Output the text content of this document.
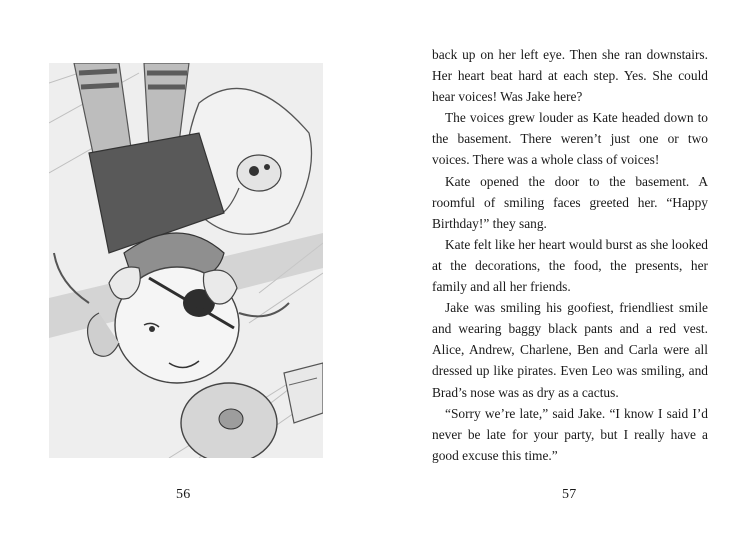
56

back up on her left eye. Then she ran downstairs. Her heart beat hard at each step. Yes. She could hear voices! Was Jake here?

The voices grew louder as Kate headed down to the basement. There weren’t just one or two voices. There was a whole class of voices!

Kate opened the door to the basement. A roomful of smiling faces greeted her. “Happy Birthday!” they sang.

Kate felt like her heart would burst as she looked at the decorations, the food, the presents, her family and all her friends.

Jake was smiling his goofiest, friendliest smile and wearing baggy black pants and a red vest. Alice, Andrew, Charlene, Ben and Carla were all dressed up like pirates. Even Leo was smiling, and Brad’s nose was as dry as a cactus.

“Sorry we’re late,” said Jake. “I know I said I’d never be late for your party, but I really have a good excuse this time.”

57
